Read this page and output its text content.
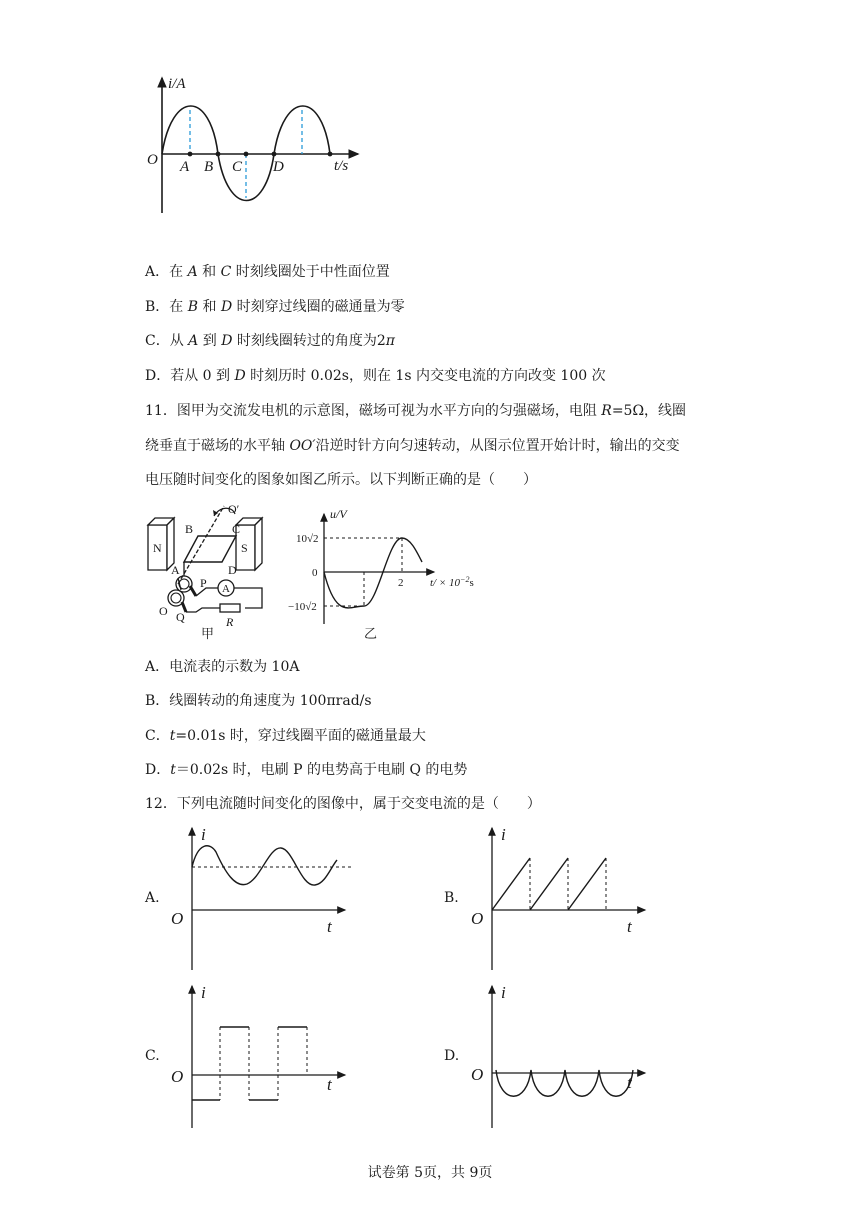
i/A
O	t/s
A B C D
A．在 A 和 C 时刻线圈处于中性面位置
B．在 B 和 D 时刻穿过线圈的磁通量为零
C．从 A 到 D 时刻线圈转过的角度为2π
D．若从 0 到 D 时刻历时 0.02s，则在 1s 内交变电流的方向改变 100 次
11．图甲为交流发电机的示意图，磁场可视为水平方向的匀强磁场，电阻 R=5Ω，线圈
绕垂直于磁场的水平轴 OO′沿逆时针方向匀速转动，从图示位置开始计时，输出的交变
电压随时间变化的图象如图乙所示。以下判断正确的是（　　）
O′
B	C
N	S
A	D
P
O Q
A
R
甲
u/V
10√2
−10√2
0
2 $t/ \times 10^{-2}s$
乙
A．电流表的示数为 10A
B．线圈转动的角速度为 100πrad/s
C．t=0.01s 时，穿过线圈平面的磁通量最大
D．t＝0.02s 时，电刷 P 的电势高于电刷 Q 的电势
12．下列电流随时间变化的图像中，属于交变电流的是（　　）
A.	B.
C.	D.
i
O	t
i
O	t
i
O	t
i
O	t
试卷第 5页，共 9页
